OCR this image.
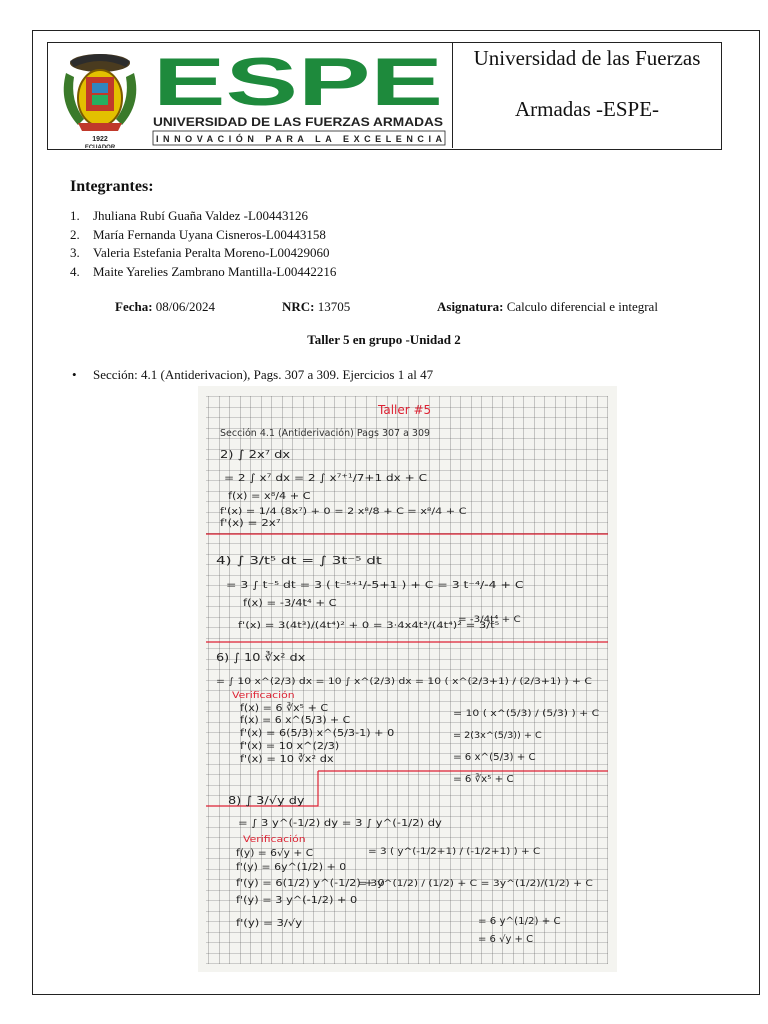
1922
ECUADOR
ESPE
UNIVERSIDAD DE LAS FUERZAS ARMADAS
INNOVACIÓN PARA LA EXCELENCIA
Universidad de las Fuerzas
Armadas -ESPE-
Integrantes:
1.	Jhuliana Rubí Guaña Valdez -L00443126
2.	María Fernanda Uyana Cisneros-L00443158
3.	Valeria Estefania Peralta Moreno-L00429060
4.	Maite Yarelies Zambrano Mantilla-L00442216
Fecha: 08/06/2024	NRC: 13705	Asignatura: Calculo diferencial e integral
Taller 5 en grupo -Unidad 2
• Sección: 4.1 (Antiderivacion), Pags. 307 a 309. Ejercicios 1 al 47
Taller #5
Sección 4.1 (Antiderivación) Pags 307 a 309
2) ∫ 2x⁷ dx
= 2 ∫ x⁷ dx = 2 ∫ x⁷⁺¹/7+1 dx + C
f(x) = x⁸/4 + C
f'(x) = 1/4 (8x⁷) + 0 = 2 x⁸/8 + C = x⁸/4 + C
f'(x) = 2x⁷
4) ∫ 3/t⁵ dt = ∫ 3t⁻⁵ dt
= 3 ∫ t⁻⁵ dt = 3 ( t⁻⁵⁺¹/-5+1 ) + C = 3 t⁻⁴/-4 + C
f(x) = -3/4t⁴ + C
f'(x) = 3(4t³)/(4t⁴)² + 0 = 3·4x4t³/(4t⁴)² = 3/t⁵
= -3/4t⁴ + C
6) ∫ 10 ∛x² dx
= ∫ 10 x^(2/3) dx = 10 ∫ x^(2/3) dx = 10 ( x^(2/3+1) / (2/3+1) ) + C
Verificación
f(x) = 6 ∛x⁵ + C
f(x) = 6 x^(5/3) + C
f'(x) = 6(5/3) x^(5/3-1) + 0
f'(x) = 10 x^(2/3)
f'(x) = 10 ∛x² dx
= 10 ( x^(5/3) / (5/3) ) + C
= 2(3x^(5/3)) + C
= 6 x^(5/3) + C
= 6 ∛x⁵ + C
8) ∫ 3/√y dy
= ∫ 3 y^(-1/2) dy = 3 ∫ y^(-1/2) dy
Verificación
f(y) = 6√y + C
f'(y) = 6y^(1/2) + 0
f'(y) = 6(1/2) y^(-1/2) + 0
f'(y) = 3 y^(-1/2) + 0
f'(y) = 3/√y
= 3 ( y^(-1/2+1) / (-1/2+1) ) + C
= 3y^(1/2) / (1/2) + C = 3y^(1/2)/(1/2) + C
= 6 y^(1/2) + C
= 6 √y + C
